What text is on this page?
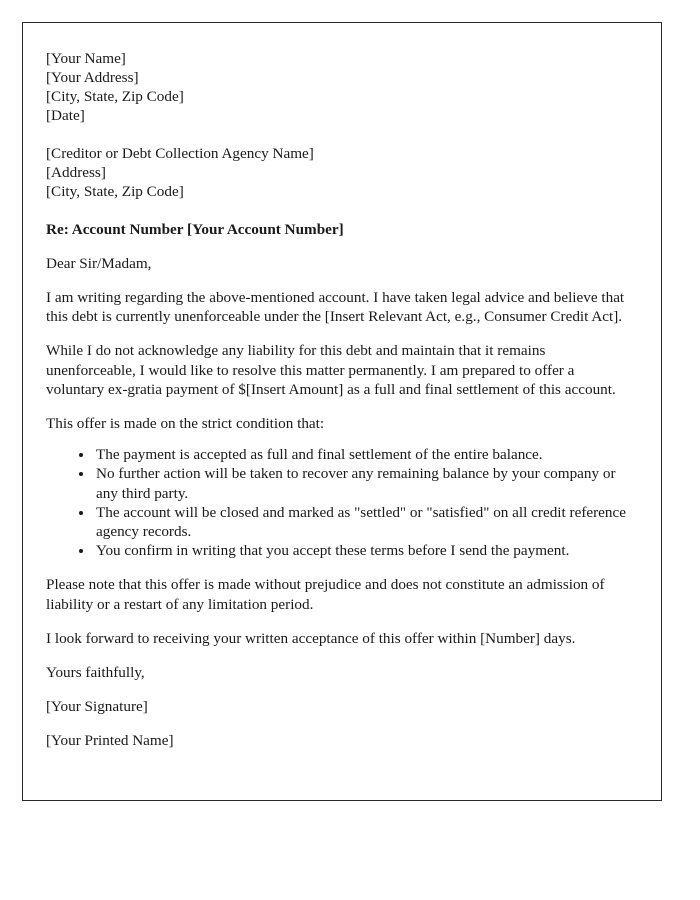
[Your Name]
[Your Address]
[City, State, Zip Code]
[Date]
[Creditor or Debt Collection Agency Name]
[Address]
[City, State, Zip Code]
Re: Account Number [Your Account Number]
Dear Sir/Madam,

I am writing regarding the above-mentioned account. I have taken legal advice and believe that this debt is currently unenforceable under the [Insert Relevant Act, e.g., Consumer Credit Act].

While I do not acknowledge any liability for this debt and maintain that it remains unenforceable, I would like to resolve this matter permanently. I am prepared to offer a voluntary ex-gratia payment of $[Insert Amount] as a full and final settlement of this account.

This offer is made on the strict condition that:

• The payment is accepted as full and final settlement of the entire balance.
• No further action will be taken to recover any remaining balance by your company or any third party.
• The account will be closed and marked as "settled" or "satisfied" on all credit reference agency records.
• You confirm in writing that you accept these terms before I send the payment.

Please note that this offer is made without prejudice and does not constitute an admission of liability or a restart of any limitation period.

I look forward to receiving your written acceptance of this offer within [Number] days.

Yours faithfully,
[Your Signature]
[Your Printed Name]
